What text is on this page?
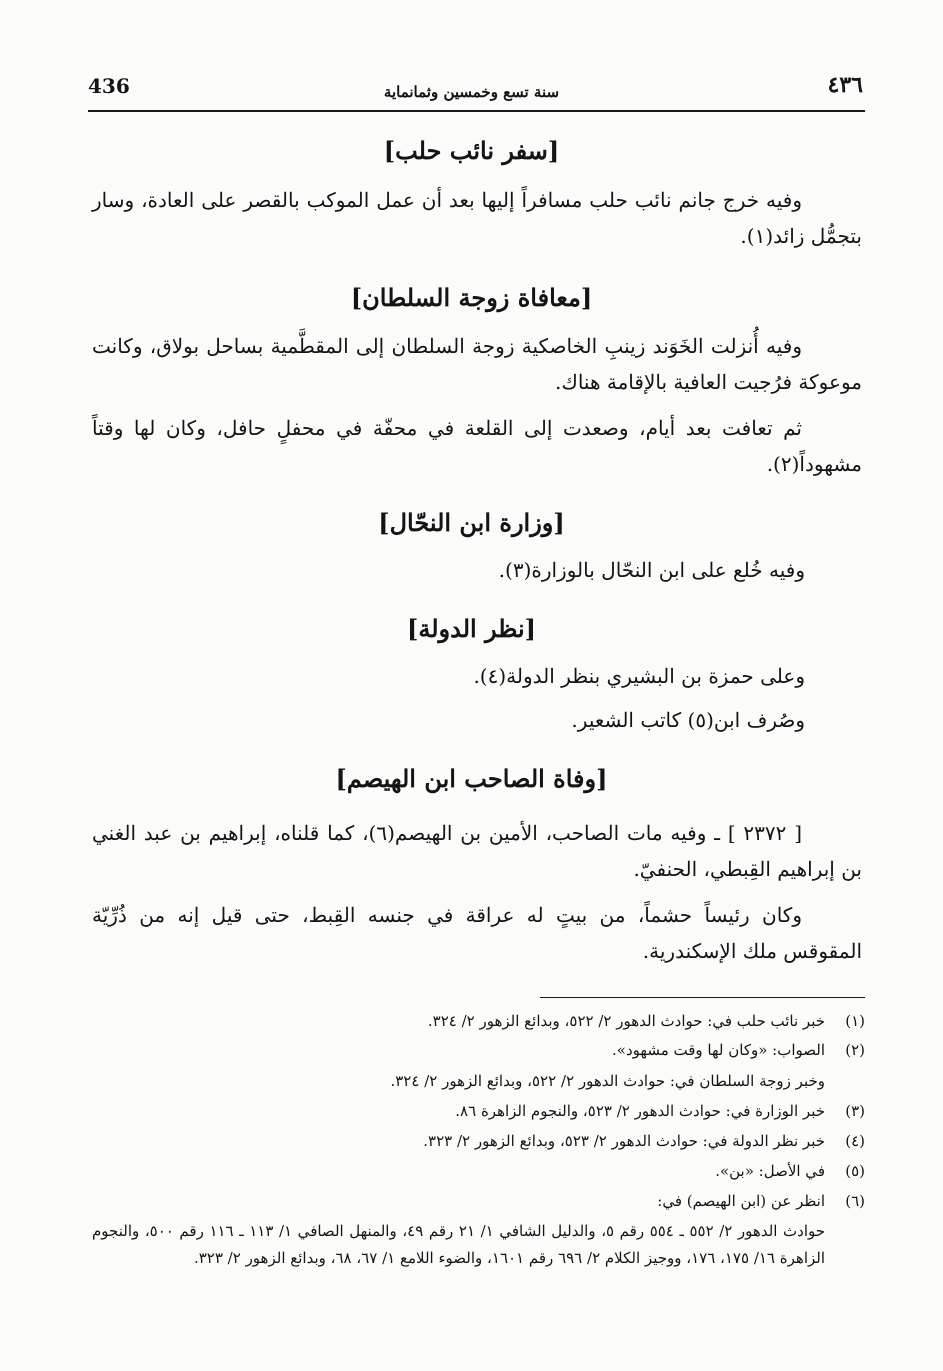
436	سنة تسع وخمسين وثمانماية	٤٣٦
[سفر نائب حلب]
وفيه خرج جانم نائب حلب مسافراً إليها بعد أن عمل الموكب بالقصر على العادة، وسار بتجمُّل زائد(١).
[معافاة زوجة السلطان]
وفيه أُنزلت الخَوَند زينبِ الخاصكية زوجة السلطان إلى المقطَّمية بساحل بولاق، وكانت موعوكة فرُجيت العافية بالإقامة هناك.
ثم تعافت بعد أيام، وصعدت إلى القلعة في محفّة في محفلٍ حافل، وكان لها وقتاً مشهوداً(٢).
[وزارة ابن النحّال]
وفيه خُلع على ابن النحّال بالوزارة(٣).
[نظر الدولة]
وعلى حمزة بن البشيري بنظر الدولة(٤).
وصُرف ابن(٥) كاتب الشعير.
[وفاة الصاحب ابن الهيصم]
[ ٢٣٧٢ ] ـ وفيه مات الصاحب، الأمين بن الهيصم(٦)، كما قلناه، إبراهيم بن عبد الغني بن إبراهيم القِبطي، الحنفيّ.
وكان رئيساً حشماً، من بيتٍ له عراقة في جنسه القِبط، حتى قيل إنه من ذُرِّيّة المقوقس ملك الإسكندرية.
(١)خبر نائب حلب في: حوادث الدهور ٢/ ٥٢٢، وبدائع الزهور ٢/ ٣٢٤.
(٢)الصواب: «وكان لها وقت مشهود».
وخبر زوجة السلطان في: حوادث الدهور ٢/ ٥٢٢، وبدائع الزهور ٢/ ٣٢٤.
(٣)خبر الوزارة في: حوادث الدهور ٢/ ٥٢٣، والنجوم الزاهرة ٨٦.
(٤)خبر نظر الدولة في: حوادث الدهور ٢/ ٥٢٣، وبدائع الزهور ٢/ ٣٢٣.
(٥)في الأصل: «بن».
(٦)انظر عن (ابن الهيصم) في:
حوادث الدهور ٢/ ٥٥٢ ـ ٥٥٤ رقم ٥، والدليل الشافي ١/ ٢١ رقم ٤٩، والمنهل الصافي ١/ ١١٣ ـ ١١٦ رقم ٥٠٠، والنجوم الزاهرة ١٦/ ١٧٥، ١٧٦، ووجيز الكلام ٢/ ٦٩٦ رقم ١٦٠١، والضوء اللامع ١/ ٦٧، ٦٨، وبدائع الزهور ٢/ ٣٢٣.
